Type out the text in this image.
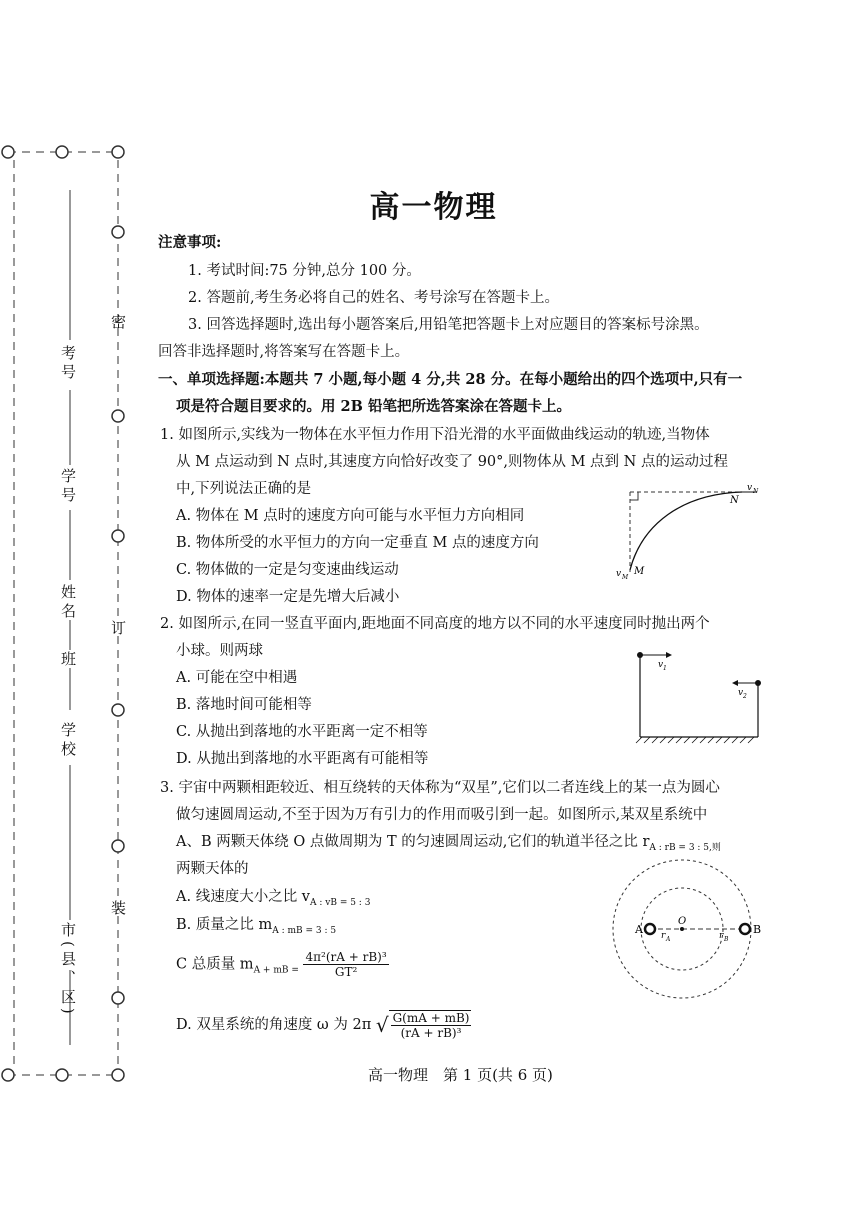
考号
学号
姓名
班
学校
市(县、区)
密
订
装
高一物理
注意事项:
1. 考试时间:75 分钟,总分 100 分。
2. 答题前,考生务必将自己的姓名、考号涂写在答题卡上。
3. 回答选择题时,选出每小题答案后,用铅笔把答题卡上对应题目的答案标号涂黑。
回答非选择题时,将答案写在答题卡上。
一、单项选择题:本题共 7 小题,每小题 4 分,共 28 分。在每小题给出的四个选项中,只有一
项是符合题目要求的。用 2B 铅笔把所选答案涂在答题卡上。
1. 如图所示,实线为一物体在水平恒力作用下沿光滑的水平面做曲线运动的轨迹,当物体
从 M 点运动到 N 点时,其速度方向恰好改变了 90°,则物体从 M 点到 N 点的运动过程
中,下列说法正确的是
A. 物体在 M 点时的速度方向可能与水平恒力方向相同
B. 物体所受的水平恒力的方向一定垂直 M 点的速度方向
C. 物体做的一定是匀变速曲线运动
D. 物体的速率一定是先增大后减小
N
v N
M
v M
2. 如图所示,在同一竖直平面内,距地面不同高度的地方以不同的水平速度同时抛出两个
小球。则两球
A. 可能在空中相遇
B. 落地时间可能相等
C. 从抛出到落地的水平距离一定不相等
D. 从抛出到落地的水平距离有可能相等
v 1
v 2
3. 宇宙中两颗相距较近、相互绕转的天体称为“双星”,它们以二者连线上的某一点为圆心
做匀速圆周运动,不至于因为万有引力的作用而吸引到一起。如图所示,某双星系统中
A、B 两颗天体绕 O 点做周期为 T 的匀速圆周运动,它们的轨道半径之比 $r_{A : rB = 3 : 5,则}$
两颗天体的
A. 线速度大小之比 $v_{A : vB = 5 : 3}$
B. 质量之比 $m_{A : mB = 3 : 5}$
C 总质量 $m_{A + mB =} \frac{\text{4π²(rA + rB)³}}{\text{GT²}}$
D. 双星系统的角速度 ω 为 2π √ $\frac{G(mA + mB)}{\text{(rA + rB)³}}$
A	B
O
r A	r B
高一物理　第 1 页(共 6 页)
